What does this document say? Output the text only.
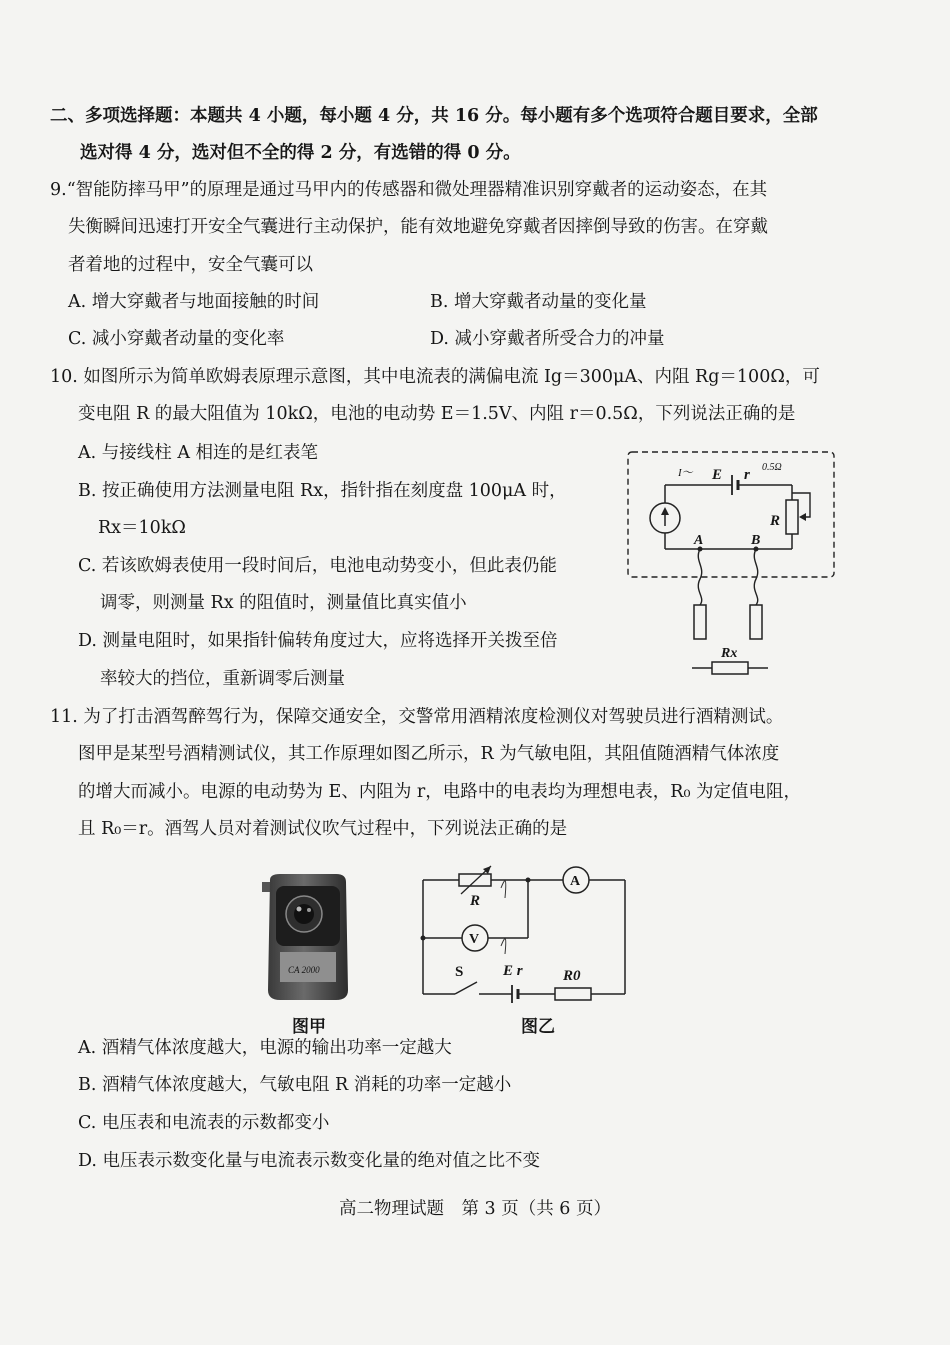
二、多项选择题：本题共 4 小题，每小题 4 分，共 16 分。每小题有多个选项符合题目要求，全部
选对得 4 分，选对但不全的得 2 分，有选错的得 0 分。
9.“智能防摔马甲”的原理是通过马甲内的传感器和微处理器精准识别穿戴者的运动姿态，在其
失衡瞬间迅速打开安全气囊进行主动保护，能有效地避免穿戴者因摔倒导致的伤害。在穿戴
者着地的过程中，安全气囊可以
A. 增大穿戴者与地面接触的时间	B. 增大穿戴者动量的变化量
C. 减小穿戴者动量的变化率	D. 减小穿戴者所受合力的冲量
10. 如图所示为简单欧姆表原理示意图，其中电流表的满偏电流 Ig＝300μA、内阻 Rg＝100Ω，可
变电阻 R 的最大阻值为 10kΩ，电池的电动势 E＝1.5V、内阻 r＝0.5Ω，下列说法正确的是
A. 与接线柱 A 相连的是红表笔
B. 按正确使用方法测量电阻 Rx，指针指在刻度盘 100μA 时，
Rx＝10kΩ
C. 若该欧姆表使用一段时间后，电池电动势变小，但此表仍能
调零，则测量 Rx 的阻值时，测量值比真实值小
D. 测量电阻时，如果指针偏转角度过大，应将选择开关拨至倍
率较大的挡位，重新调零后测量
I～ E r 0.5Ω
R
A	B
Rx
11. 为了打击酒驾醉驾行为，保障交通安全，交警常用酒精浓度检测仪对驾驶员进行酒精测试。
图甲是某型号酒精测试仪，其工作原理如图乙所示，R 为气敏电阻，其阻值随酒精气体浓度
的增大而减小。电源的电动势为 E、内阻为 r，电路中的电表均为理想电表，R₀ 为定值电阻，
且 R₀＝r。酒驾人员对着测试仪吹气过程中，下列说法正确的是
CA 2000
图甲
R
A
V
S	E r	R0
图乙
A. 酒精气体浓度越大，电源的输出功率一定越大
B. 酒精气体浓度越大，气敏电阻 R 消耗的功率一定越小
C. 电压表和电流表的示数都变小
D. 电压表示数变化量与电流表示数变化量的绝对值之比不变
高二物理试题　第 3 页（共 6 页）
